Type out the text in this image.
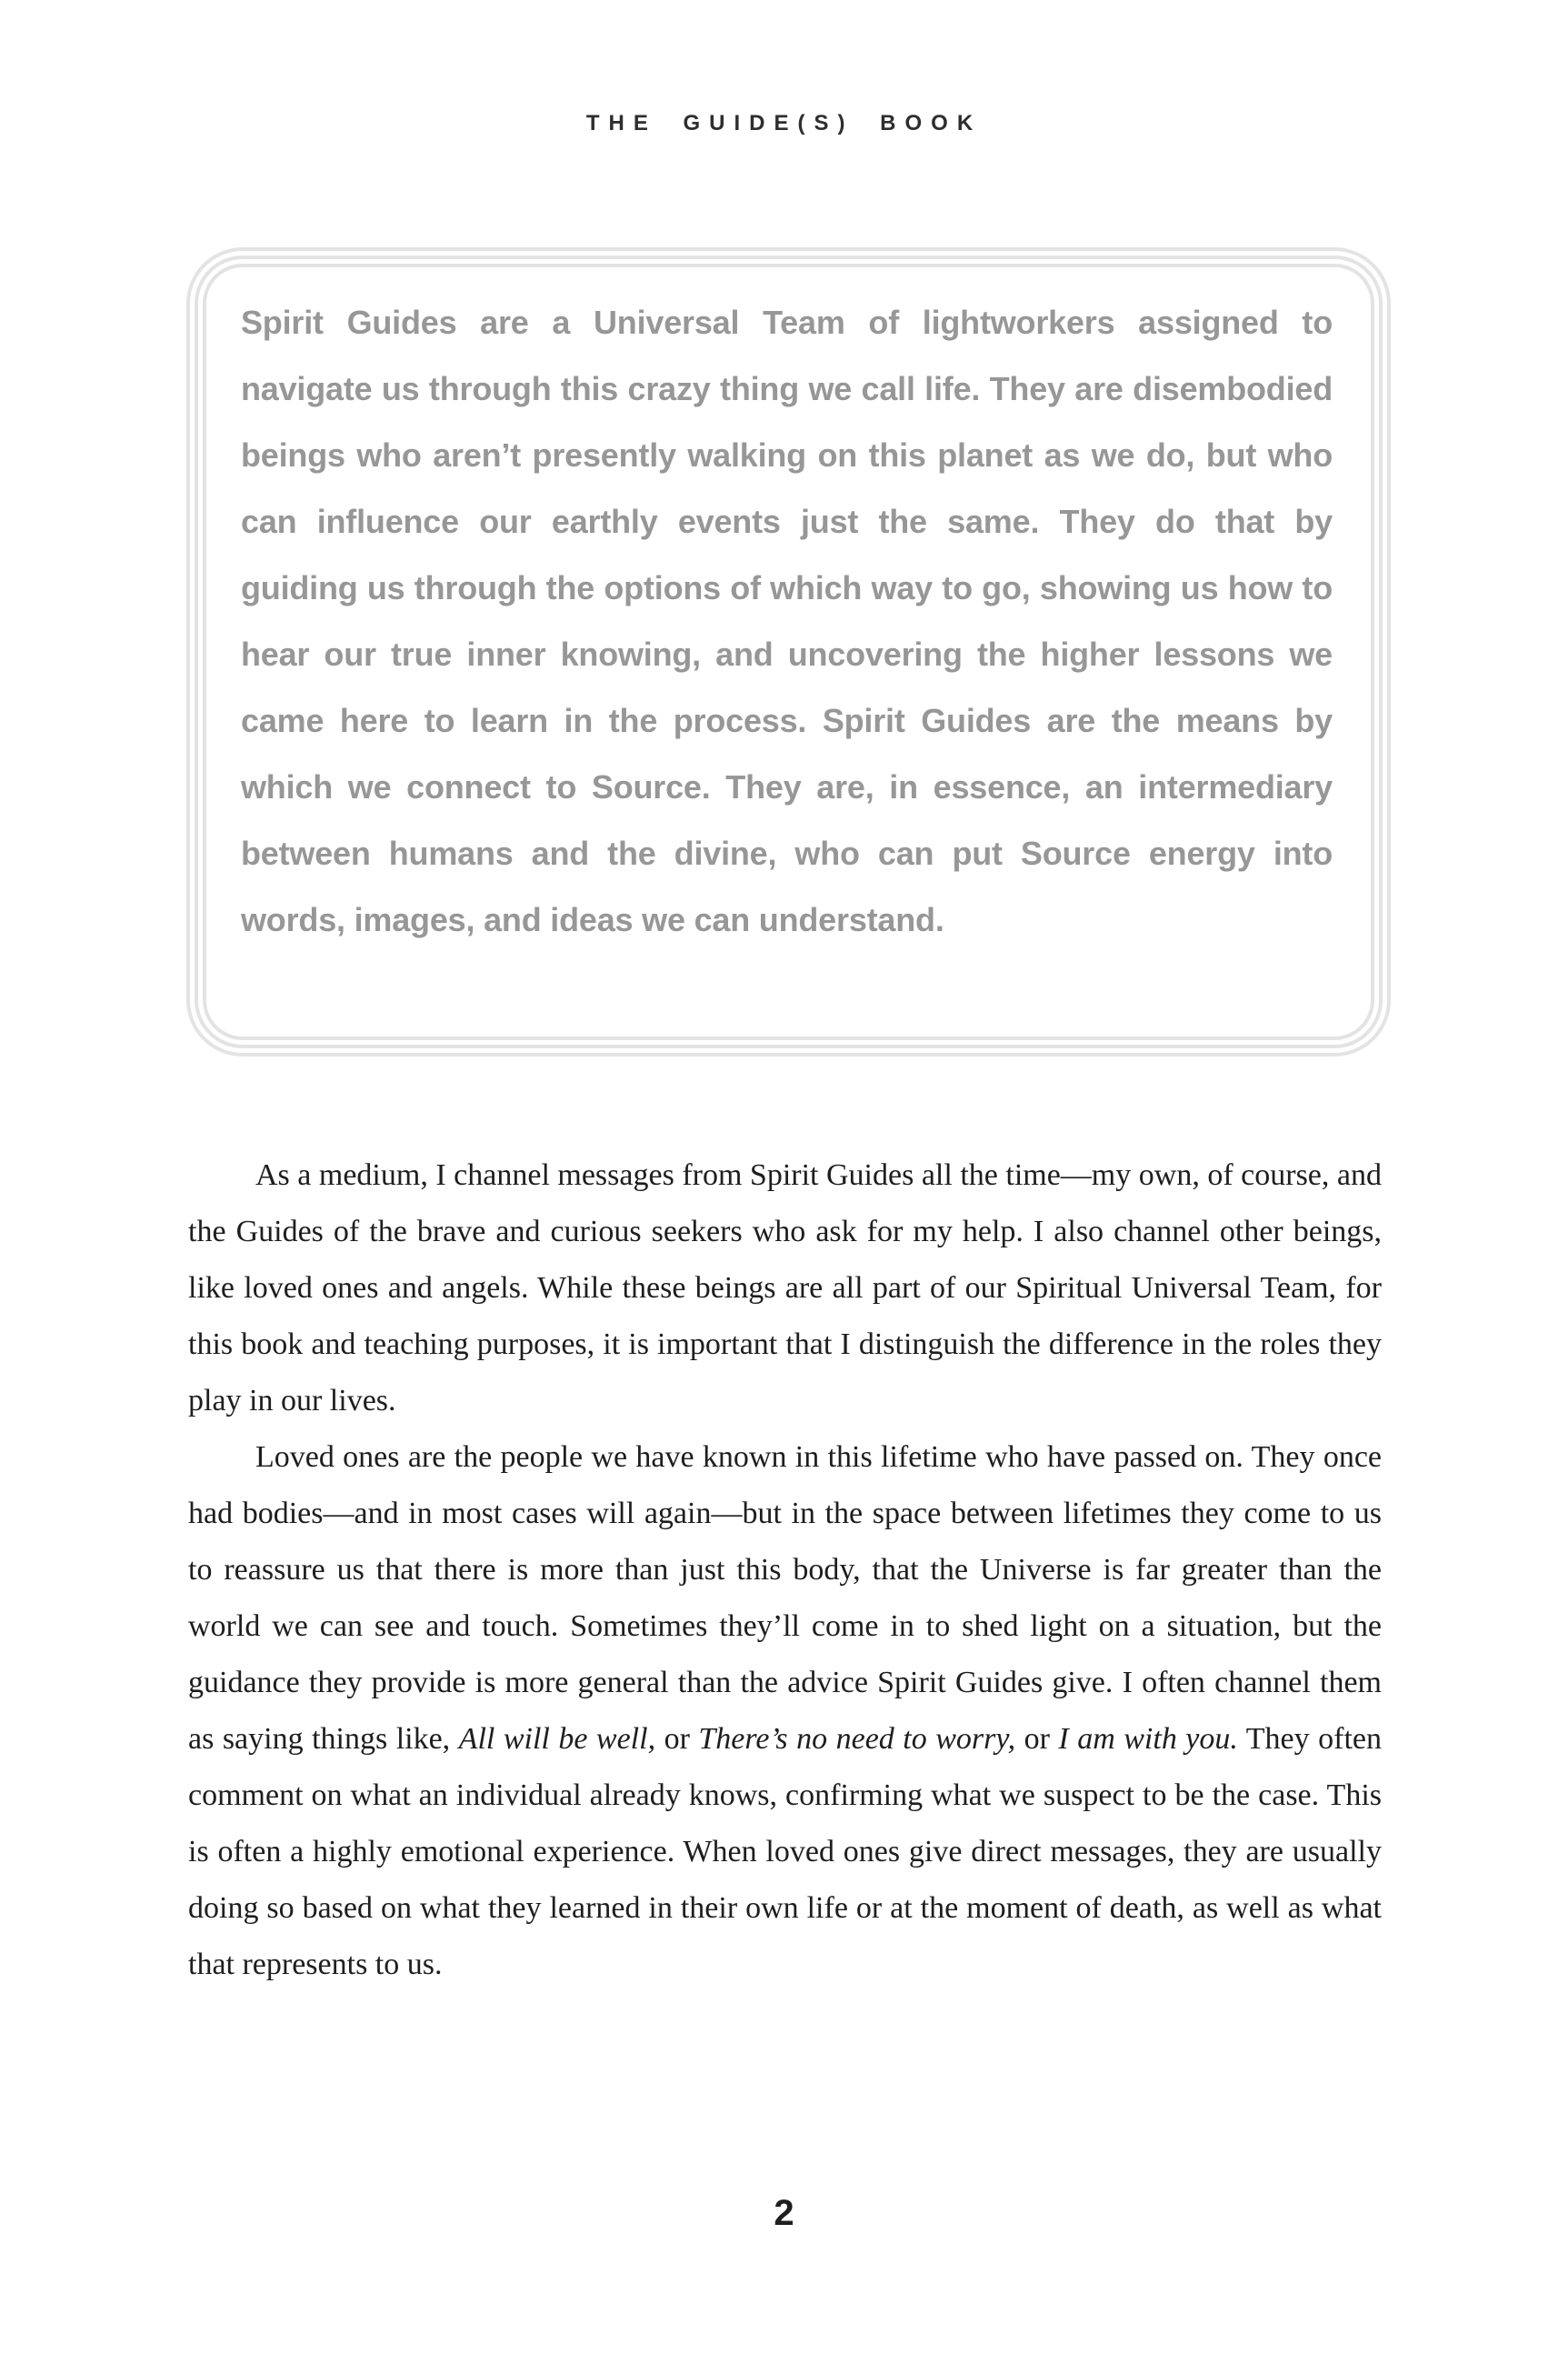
THE GUIDE(S) BOOK

Spirit Guides are a Universal Team of lightworkers assigned to navigate us through this crazy thing we call life. They are disembodied beings who aren’t presently walking on this planet as we do, but who can influence our earthly events just the same. They do that by guiding us through the options of which way to go, showing us how to hear our true inner knowing, and uncovering the higher lessons we came here to learn in the process. Spirit Guides are the means by which we connect to Source. They are, in essence, an intermediary between humans and the divine, who can put Source energy into words, images, and ideas we can understand.

As a medium, I channel messages from Spirit Guides all the time—my own, of course, and the Guides of the brave and curious seekers who ask for my help. I also channel other beings, like loved ones and angels. While these beings are all part of our Spiritual Universal Team, for this book and teaching purposes, it is important that I distinguish the difference in the roles they play in our lives.

Loved ones are the people we have known in this lifetime who have passed on. They once had bodies—and in most cases will again—but in the space between lifetimes they come to us to reassure us that there is more than just this body, that the Universe is far greater than the world we can see and touch. Sometimes they’ll come in to shed light on a situation, but the guidance they provide is more general than the advice Spirit Guides give. I often channel them as saying things like, All will be well, or There’s no need to worry, or I am with you. They often comment on what an individual already knows, confirming what we suspect to be the case. This is often a highly emotional experience. When loved ones give direct messages, they are usually doing so based on what they learned in their own life or at the moment of death, as well as what that represents to us.

2
